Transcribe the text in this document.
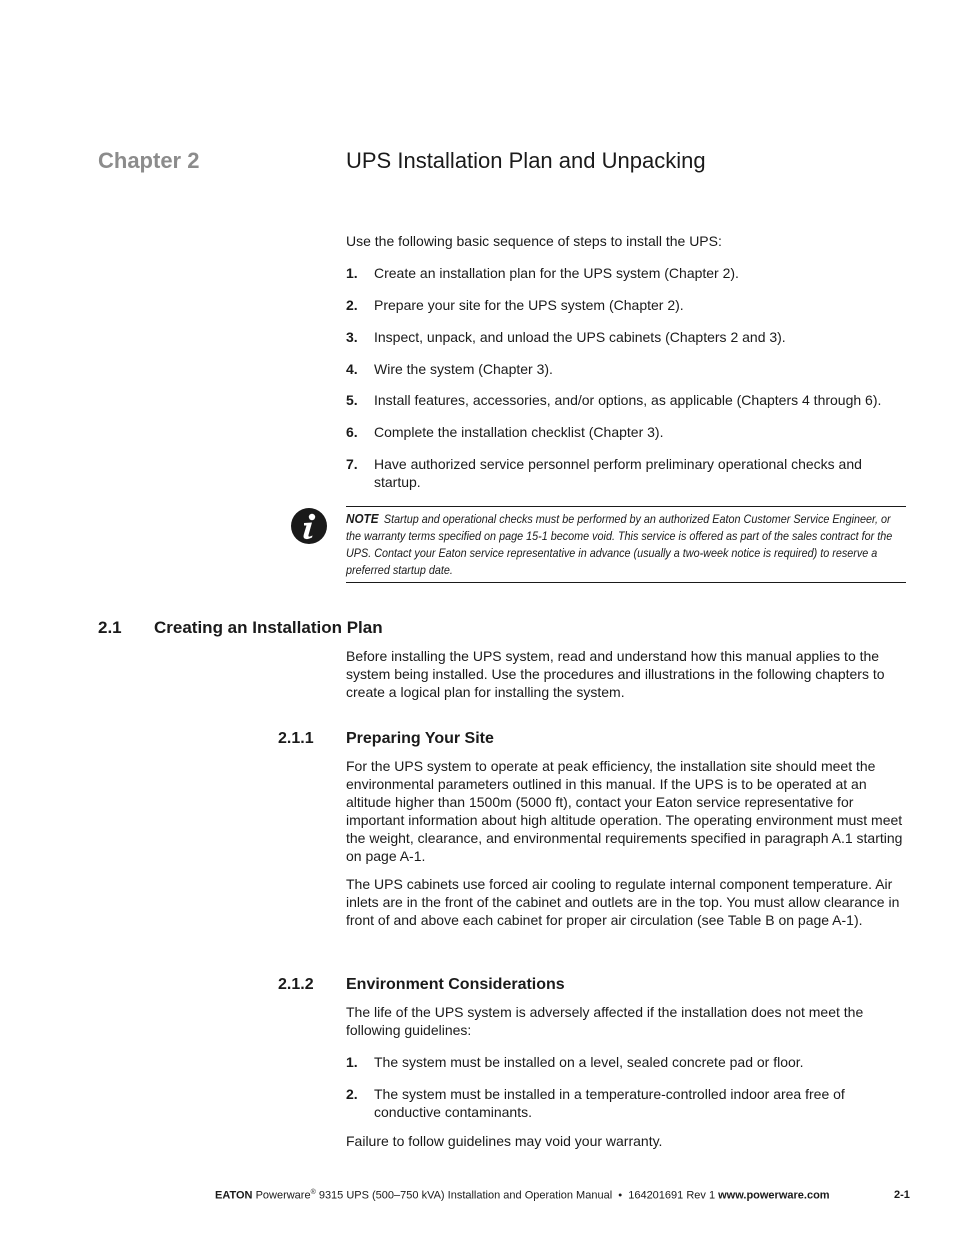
Chapter 2	UPS Installation Plan and Unpacking
Use the following basic sequence of steps to install the UPS:
1. Create an installation plan for the UPS system (Chapter 2).
2. Prepare your site for the UPS system (Chapter 2).
3. Inspect, unpack, and unload the UPS cabinets (Chapters 2 and 3).
4. Wire the system (Chapter 3).
5. Install features, accessories, and/or options, as applicable (Chapters 4 through 6).
6. Complete the installation checklist (Chapter 3).
7. Have authorized service personnel perform preliminary operational checks and startup.
NOTE Startup and operational checks must be performed by an authorized Eaton Customer Service Engineer, or the warranty terms specified on page 15-1 become void. This service is offered as part of the sales contract for the UPS. Contact your Eaton service representative in advance (usually a two-week notice is required) to reserve a preferred startup date.
2.1 Creating an Installation Plan
Before installing the UPS system, read and understand how this manual applies to the system being installed. Use the procedures and illustrations in the following chapters to create a logical plan for installing the system.
2.1.1 Preparing Your Site
For the UPS system to operate at peak efficiency, the installation site should meet the environmental parameters outlined in this manual. If the UPS is to be operated at an altitude higher than 1500m (5000 ft), contact your Eaton service representative for important information about high altitude operation. The operating environment must meet the weight, clearance, and environmental requirements specified in paragraph A.1 starting on page A-1.
The UPS cabinets use forced air cooling to regulate internal component temperature. Air inlets are in the front of the cabinet and outlets are in the top. You must allow clearance in front of and above each cabinet for proper air circulation (see Table B on page A-1).
2.1.2 Environment Considerations
The life of the UPS system is adversely affected if the installation does not meet the following guidelines:
1. The system must be installed on a level, sealed concrete pad or floor.
2. The system must be installed in a temperature-controlled indoor area free of conductive contaminants.
Failure to follow guidelines may void your warranty.
EATON Powerware® 9315 UPS (500–750 kVA) Installation and Operation Manual  •  164201691 Rev 1 www.powerware.com	2-1
